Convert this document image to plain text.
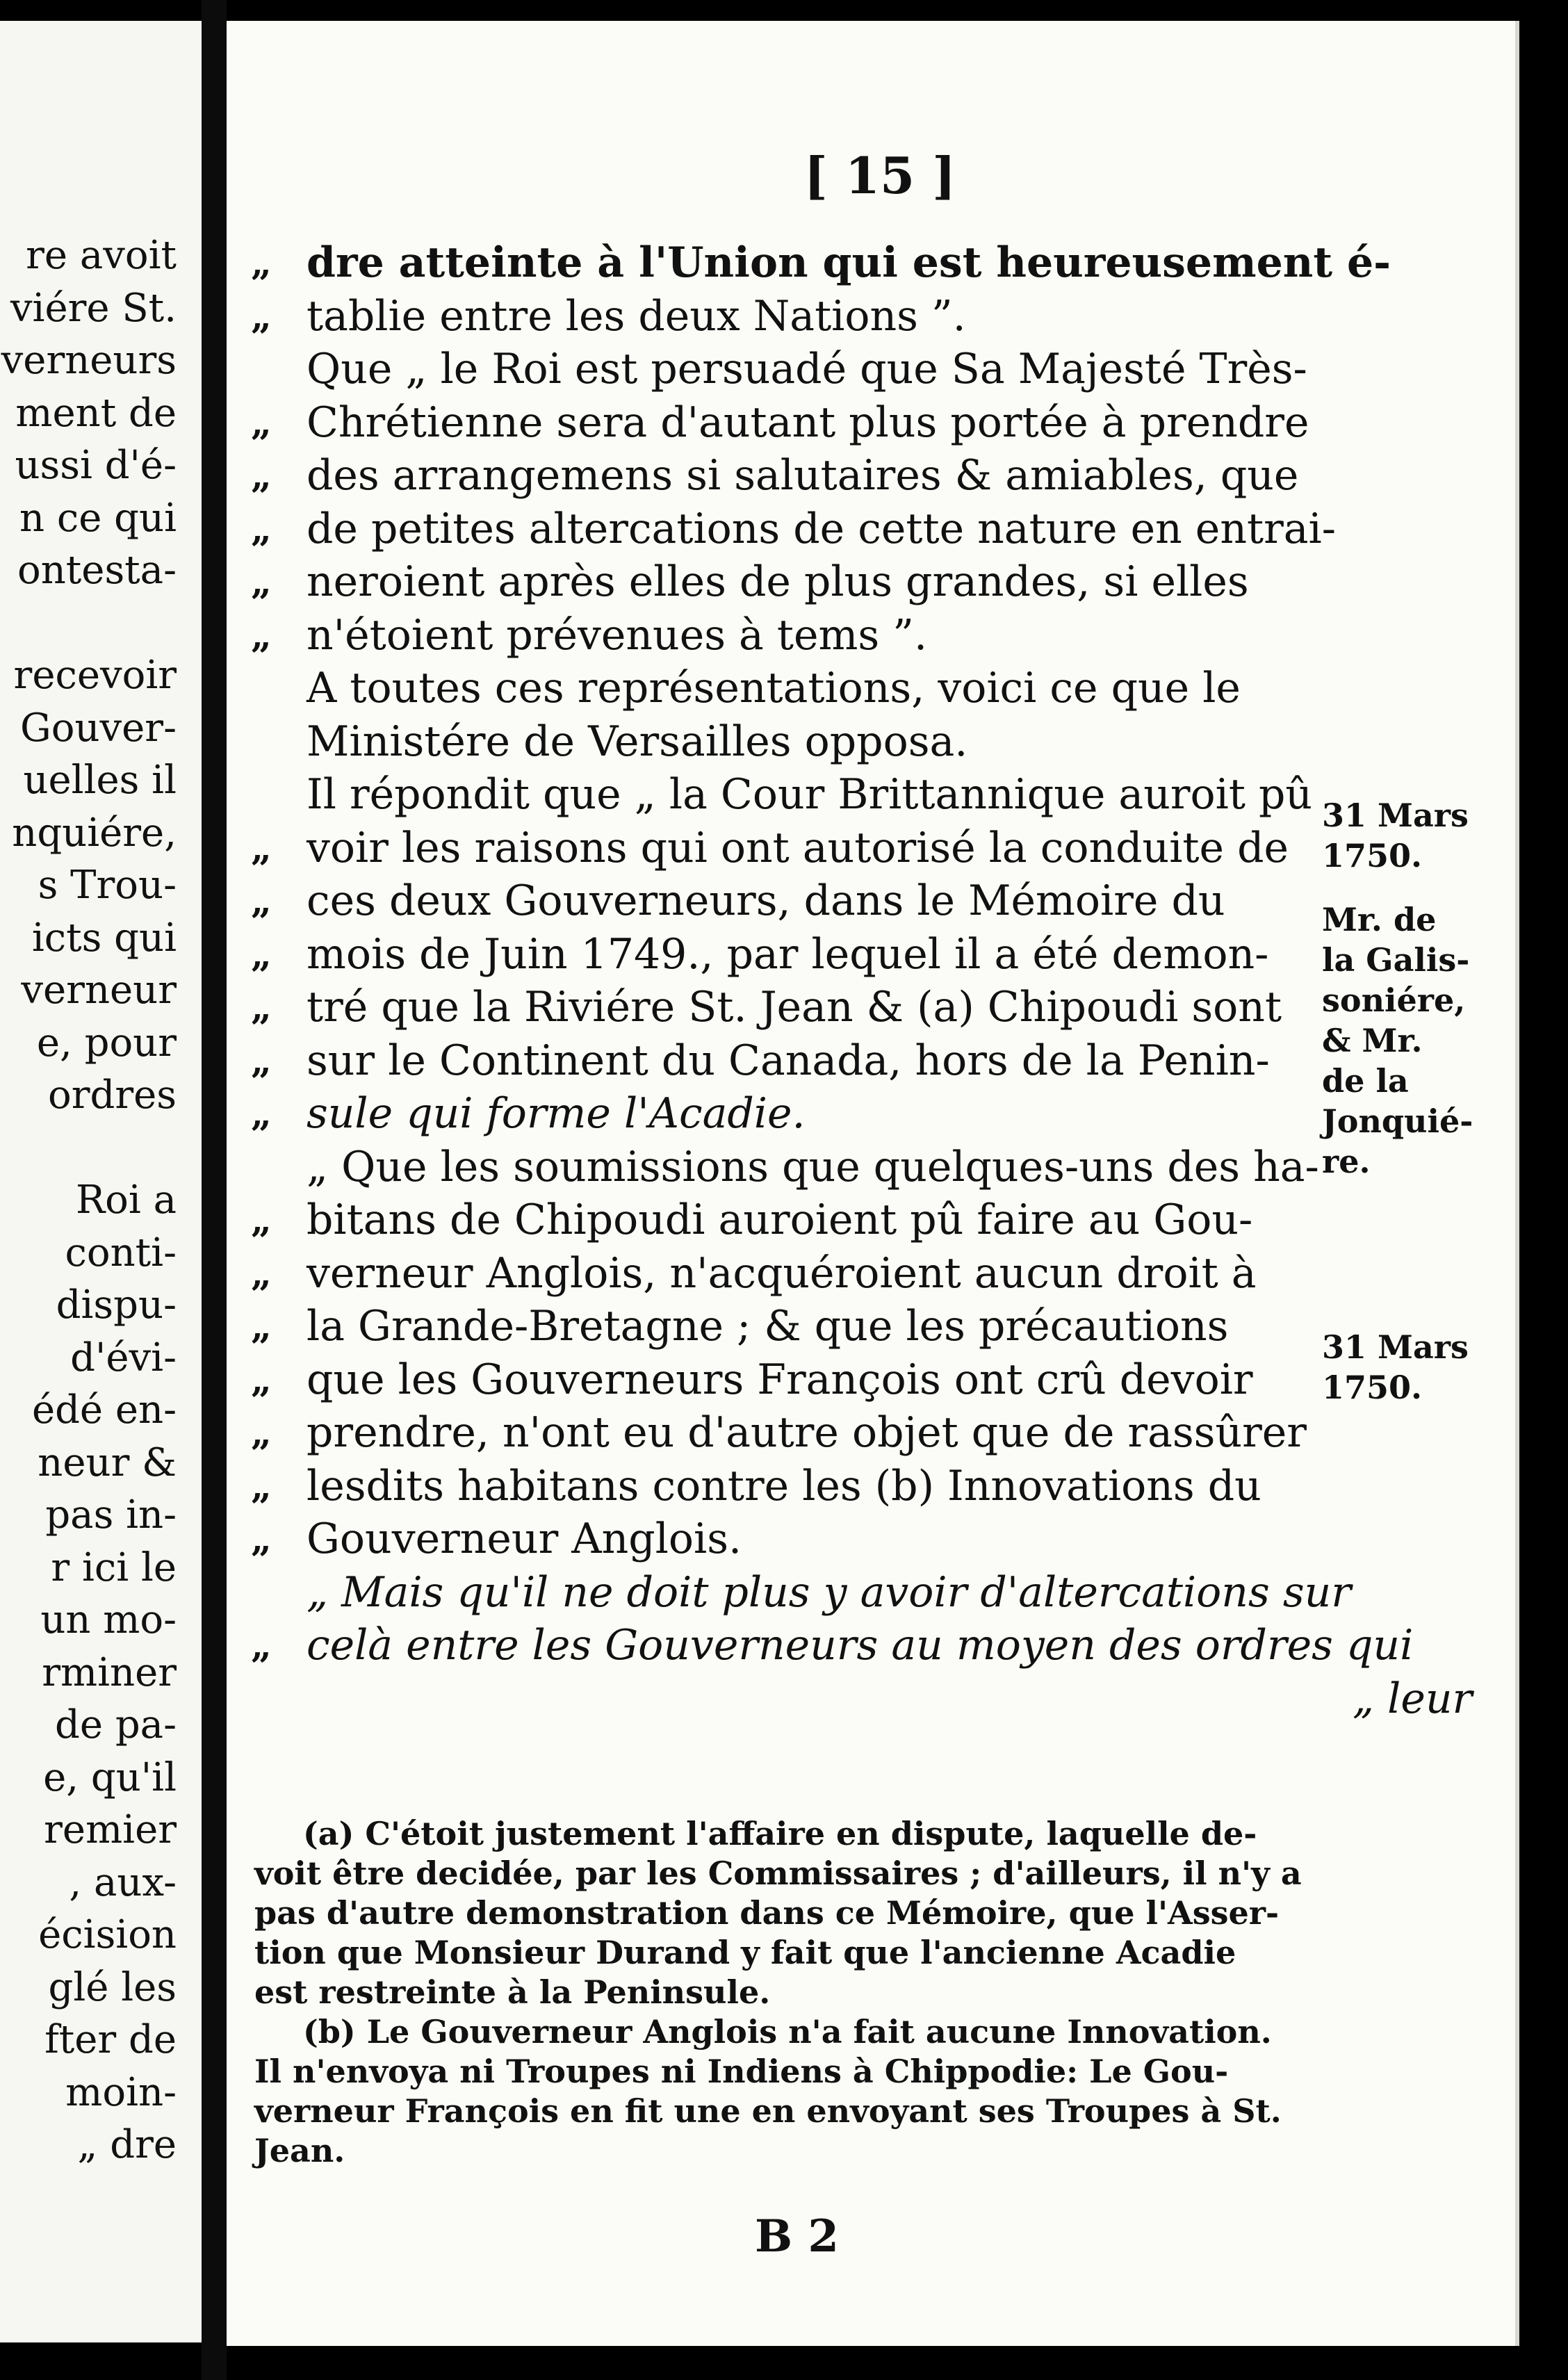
re avoit
viére St.
verneurs
ment de
ussi d'é-
n ce qui
ontesta-
recevoir
Gouver-
uelles il
nquiére,
s Trou-
icts qui
verneur
e, pour
ordres
Roi a
conti-
dispu-
d'évi-
édé en-
neur &
pas in-
r ici le
un mo-
rminer
de pa-
e, qu'il
remier
, aux-
écision
glé les
fter de
moin-
„ dre
[ 15 ]
„ dre atteinte à l'Union qui est heureusement é-
„ tablie entre les deux Nations ”.
Que „ le Roi est persuadé que Sa Majesté Très-
„ Chrétienne sera d'autant plus portée à prendre
„ des arrangemens si salutaires & amiables, que
„ de petites altercations de cette nature en entrai-
„ neroient après elles de plus grandes, si elles
„ n'étoient prévenues à tems ”.
A toutes ces représentations, voici ce que le
Ministére de Versailles opposa.
Il répondit que „ la Cour Brittannique auroit pû
„ voir les raisons qui ont autorisé la conduite de
„ ces deux Gouverneurs, dans le Mémoire du
„ mois de Juin 1749., par lequel il a été demon-
„ tré que la Riviére St. Jean & (a) Chipoudi sont
„ sur le Continent du Canada, hors de la Penin-
„ sule qui forme l'Acadie.
„ Que les soumissions que quelques-uns des ha-
„ bitans de Chipoudi auroient pû faire au Gou-
„ verneur Anglois, n'acquéroient aucun droit à
„ la Grande-Bretagne ; & que les précautions
„ que les Gouverneurs François ont crû devoir
„ prendre, n'ont eu d'autre objet que de rassûrer
„ lesdits habitans contre les (b) Innovations du
„ Gouverneur Anglois.
„ Mais qu'il ne doit plus y avoir d'altercations sur
„ celà entre les Gouverneurs au moyen des ordres qui
„ leur
31 Mars
1750.
Mr. de
la Galis-
soniére,
& Mr.
de la
Jonquié-
re.
31 Mars
1750.
(a) C'étoit justement l'affaire en dispute, laquelle de-
voit être decidée, par les Commissaires ; d'ailleurs, il n'y a
pas d'autre demonstration dans ce Mémoire, que l'Asser-
tion que Monsieur Durand y fait que l'ancienne Acadie
est restreinte à la Peninsule.
(b) Le Gouverneur Anglois n'a fait aucune Innovation.
Il n'envoya ni Troupes ni Indiens à Chippodie: Le Gou-
verneur François en fit une en envoyant ses Troupes à St.
Jean.
B 2
